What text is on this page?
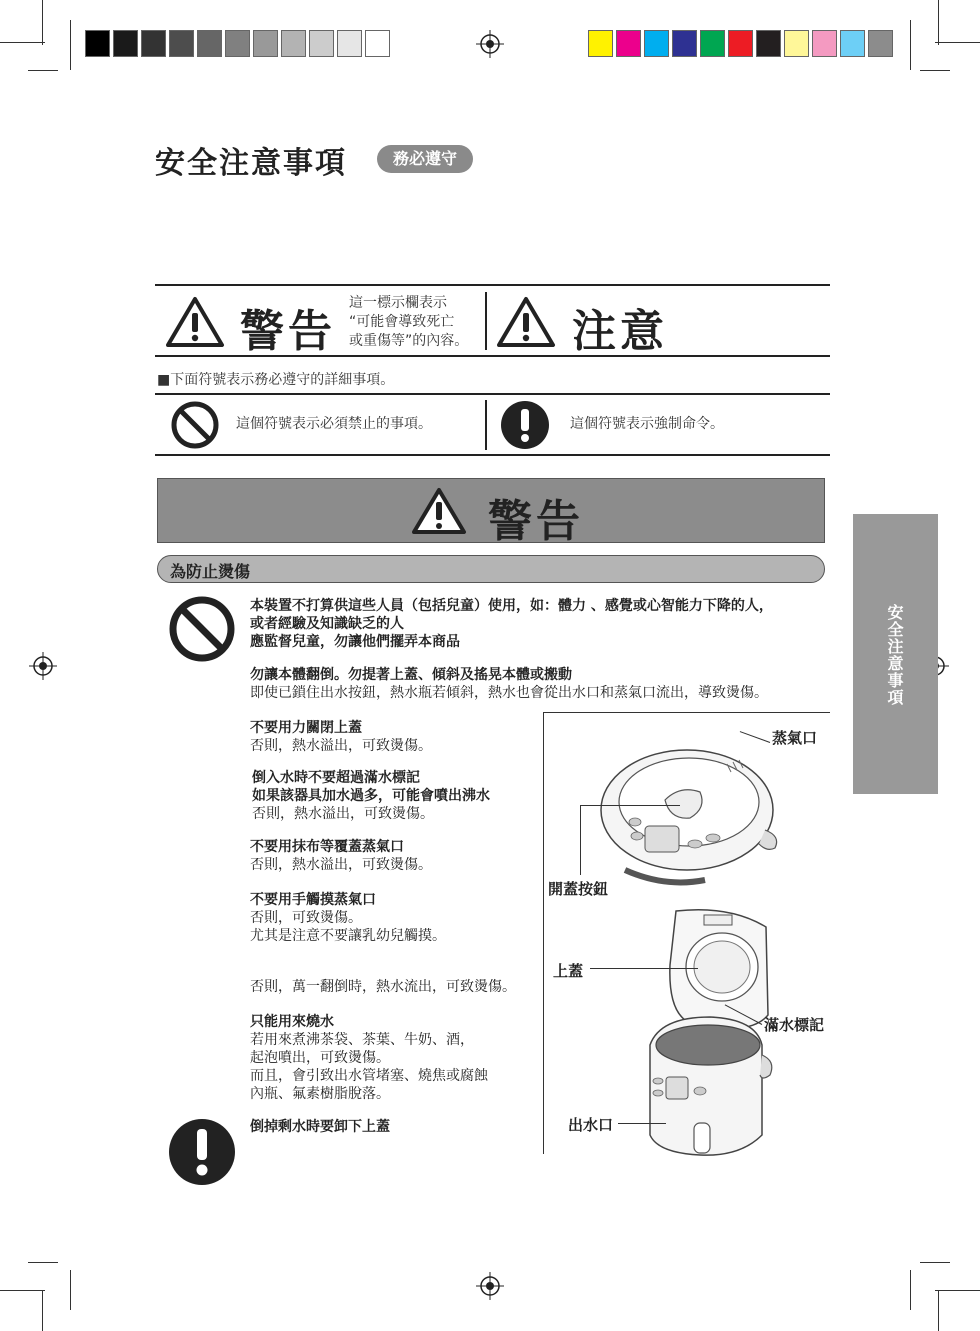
安全注意事項	務必遵守
警告
這一標示欄表示
“可能會導致死亡
或重傷等”的內容。 注意
■下面符號表示務必遵守的詳細事項。
這個符號表示必須禁止的事項。	這個符號表示強制命令。
警告
為防止燙傷
安全注意事項
本裝置不打算供這些人員（包括兒童）使用，如：體力 、感覺或心智能力下降的人，
或者經驗及知識缺乏的人
應監督兒童，勿讓他們擺弄本商品
勿讓本體翻倒。勿提著上蓋、傾斜及搖晃本體或搬動
即使已鎖住出水按鈕，熱水瓶若傾斜，熱水也會從出水口和蒸氣口流出，導致燙傷。
不要用力關閉上蓋
否則，熱水溢出，可致燙傷。
倒入水時不要超過滿水標記
如果該器具加水過多，可能會噴出沸水
否則，熱水溢出，可致燙傷。
不要用抹布等覆蓋蒸氣口
否則，熱水溢出，可致燙傷。
不要用手觸摸蒸氣口
否則，可致燙傷。
尤其是注意不要讓乳幼兒觸摸。
否則，萬一翻倒時，熱水流出，可致燙傷。
只能用來燒水
若用來煮沸茶袋、茶葉、牛奶、酒，
起泡噴出，可致燙傷。
而且，會引致出水管堵塞、燒焦或腐蝕
內瓶、氟素樹脂脫落。
倒掉剩水時要卸下上蓋
蒸氣口
開蓋按鈕
上蓋
滿水標記
出水口
